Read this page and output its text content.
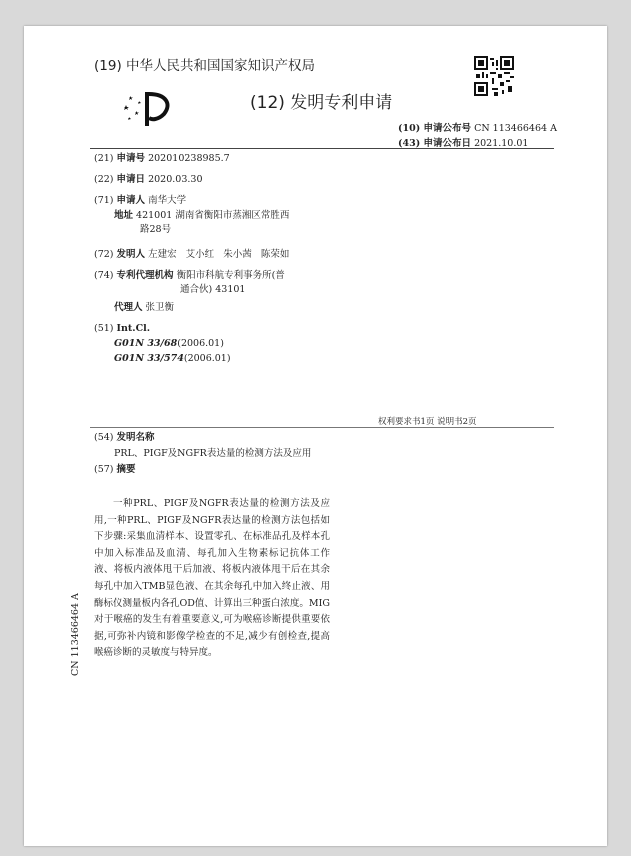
(19) 中华人民共和国国家知识产权局
(12) 发明专利申请
(10) 申请公布号 CN 113466464 A
(43) 申请公布日 2021.10.01
(21) 申请号 202010238985.7
(22) 申请日 2020.03.30
(71) 申请人 南华大学
地址 421001 湖南省衡阳市蒸湘区常胜西
路28号
(72) 发明人 左建宏 艾小红 朱小茜 陈荣如
(74) 专利代理机构 衡阳市科航专利事务所(普
通合伙) 43101
代理人 张卫衡
(51) Int.Cl.
G01N 33/68(2006.01)
G01N 33/574(2006.01)
权利要求书1页 说明书2页
(54) 发明名称
PRL、PIGF及NGFR表达量的检测方法及应用
(57) 摘要
一种PRL、PIGF及NGFR表达量的检测方法及应用,一种PRL、PIGF及NGFR表达量的检测方法包括如下步骤:采集血清样本、设置零孔、在标准品孔及样本孔中加入标准品及血清、每孔加入生物素标记抗体工作液、将板内液体甩干后加液、将板内液体甩干后在其余每孔中加入TMB显色液、在其余每孔中加入终止液、用酶标仪测量板内各孔OD值、计算出三种蛋白浓度。MIG对于喉癌的发生有着重要意义,可为喉癌诊断提供重要依据,可弥补内镜和影像学检查的不足,减少有创检查,提高喉癌诊断的灵敏度与特异度。
CN 113466464 A
